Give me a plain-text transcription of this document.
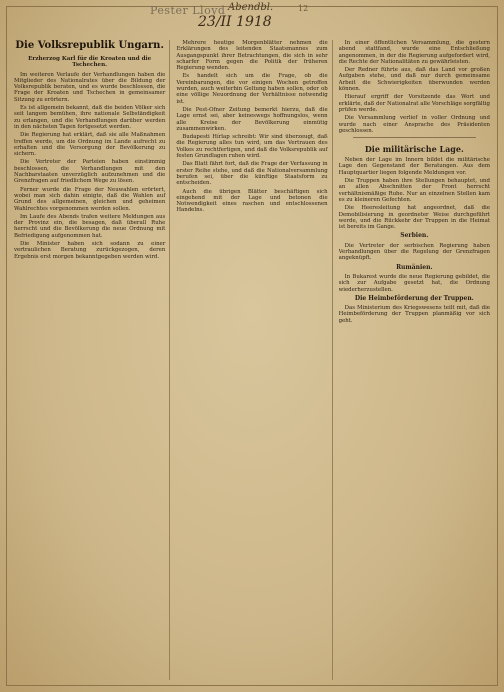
Pester Lloyd Abendbl.
23/II 1918
12
Die Volksrepublik Ungarn.
Erzherzog Karl für die Kroaten und die Tschechen.
Im weiteren Verlaufe der Verhandlungen haben die Mitglieder des Nationalrates über die Bildung der Volksrepublik beraten, und es wurde beschlossen, die Frage der Kroaten und Tschechen in gemeinsamer Sitzung zu erörtern.
Es ist allgemein bekannt, daß die beiden Völker sich seit langem bemühen, ihre nationale Selbständigkeit zu erlangen, und die Verhandlungen darüber werden in den nächsten Tagen fortgesetzt werden.
Die Regierung hat erklärt, daß sie alle Maßnahmen treffen werde, um die Ordnung im Lande aufrecht zu erhalten und die Versorgung der Bevölkerung zu sichern.
Die Vertreter der Parteien haben einstimmig beschlossen, die Verhandlungen mit den Nachbarstaaten unverzüglich aufzunehmen und die Grenzfragen auf friedlichem Wege zu lösen.
Ferner wurde die Frage der Neuwahlen erörtert, wobei man sich dahin einigte, daß die Wahlen auf Grund des allgemeinen, gleichen und geheimen Wahlrechtes vorgenommen werden sollen.
Im Laufe des Abends trafen weitere Meldungen aus der Provinz ein, die besagen, daß überall Ruhe herrscht und die Bevölkerung die neue Ordnung mit Befriedigung aufgenommen hat.
Die Minister haben sich sodann zu einer vertraulichen Beratung zurückgezogen, deren Ergebnis erst morgen bekanntgegeben werden wird.
Mehrere heutige Morgenblätter nehmen die Erklärungen des leitenden Staatsmannes zum Ausgangspunkt ihrer Betrachtungen, die sich in sehr scharfer Form gegen die Politik der früheren Regierung wenden.
Es handelt sich um die Frage, ob die Vereinbarungen, die vor einigen Wochen getroffen wurden, auch weiterhin Geltung haben sollen, oder ob eine völlige Neuordnung der Verhältnisse notwendig ist.
Die Pest-Ofner Zeitung bemerkt hierzu, daß die Lage ernst sei, aber keineswegs hoffnungslos, wenn alle Kreise der Bevölkerung einmütig zusammenwirken.
Budapesti Hírlap schreibt: Wir sind überzeugt, daß die Regierung alles tun wird, um das Vertrauen des Volkes zu rechtfertigen, und daß die Volksrepublik auf festen Grundlagen ruhen wird.
Das Blatt fährt fort, daß die Frage der Verfassung in erster Reihe stehe, und daß die Nationalversammlung berufen sei, über die künftige Staatsform zu entscheiden.
Auch die übrigen Blätter beschäftigen sich eingehend mit der Lage und betonen die Notwendigkeit eines raschen und entschlossenen Handelns.
In einer öffentlichen Versammlung, die gestern abend stattfand, wurde eine Entschließung angenommen, in der die Regierung aufgefordert wird, die Rechte der Nationalitäten zu gewährleisten.
Der Redner führte aus, daß das Land vor großen Aufgaben stehe, und daß nur durch gemeinsame Arbeit die Schwierigkeiten überwunden werden können.
Hierauf ergriff der Vorsitzende das Wort und erklärte, daß der Nationalrat alle Vorschläge sorgfältig prüfen werde.
Die Versammlung verlief in voller Ordnung und wurde nach einer Ansprache des Präsidenten geschlossen.
Die militärische Lage.
Neben der Lage im Innern bildet die militärische Lage den Gegenstand der Beratungen. Aus dem Hauptquartier liegen folgende Meldungen vor.
Die Truppen haben ihre Stellungen behauptet, und an allen Abschnitten der Front herrscht verhältnismäßige Ruhe. Nur an einzelnen Stellen kam es zu kleineren Gefechten.
Die Heeresleitung hat angeordnet, daß die Demobilisierung in geordneter Weise durchgeführt werde, und die Rückkehr der Truppen in die Heimat ist bereits im Gange.
Serbien.
Die Vertreter der serbischen Regierung haben Verhandlungen über die Regelung der Grenzfragen angeknüpft.
Rumänien.
In Bukarest wurde die neue Regierung gebildet, die sich zur Aufgabe gesetzt hat, die Ordnung wiederherzustellen.
Die Heimbeförderung der Truppen.
Das Ministerium des Kriegswesens teilt mit, daß die Heimbeförderung der Truppen planmäßig vor sich geht.
